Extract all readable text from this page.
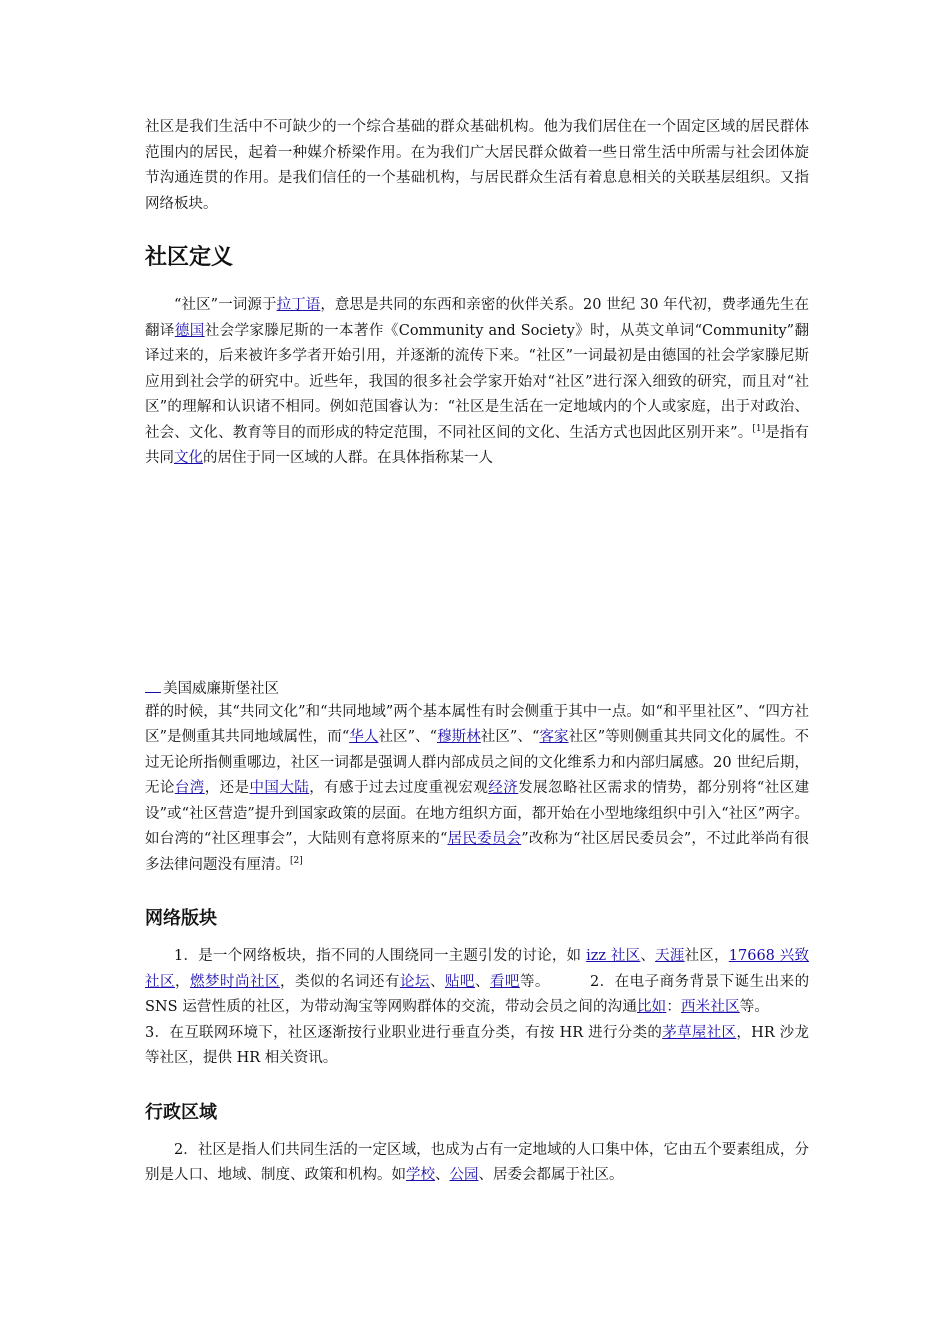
社区是我们生活中不可缺少的一个综合基础的群众基础机构。他为我们居住在一个固定区域的居民群体范围内的居民，起着一种媒介桥梁作用。在为我们广大居民群众做着一些日常生活中所需与社会团体旋节沟通连贯的作用。是我们信任的一个基础机构，与居民群众生活有着息息相关的关联基层组织。又指网络板块。

社区定义

“社区”一词源于拉丁语，意思是共同的东西和亲密的伙伴关系。20 世纪 30 年代初，费孝通先生在翻译德国社会学家滕尼斯的一本著作《Community and Society》时，从英文单词“Community”翻译过来的，后来被许多学者开始引用，并逐渐的流传下来。“社区”一词最初是由德国的社会学家滕尼斯应用到社会学的研究中。近些年，我国的很多社会学家开始对“社区”进行深入细致的研究，而且对“社区”的理解和认识诸不相同。例如范国睿认为：“社区是生活在一定地域内的个人或家庭，出于对政治、社会、文化、教育等目的而形成的特定范围，不同社区间的文化、生活方式也因此区别开来”。[1]是指有共同文化的居住于同一区域的人群。在具体指称某一人

美国威廉斯堡社区

群的时候，其“共同文化”和“共同地域”两个基本属性有时会侧重于其中一点。如“和平里社区”、“四方社区”是侧重其共同地域属性，而“华人社区”、“穆斯林社区”、“客家社区”等则侧重其共同文化的属性。不过无论所指侧重哪边，社区一词都是强调人群内部成员之间的文化维系力和内部归属感。20 世纪后期，无论台湾，还是中国大陆，有感于过去过度重视宏观经济发展忽略社区需求的情势，都分别将“社区建设”或“社区营造”提升到国家政策的层面。在地方组织方面，都开始在小型地缘组织中引入“社区”两字。如台湾的“社区理事会”，大陆则有意将原来的“居民委员会”改称为“社区居民委员会”，不过此举尚有很多法律问题没有厘清。[2]

网络版块

1．是一个网络板块，指不同的人围绕同一主题引发的讨论，如 izz 社区、天涯社区，17668 兴致社区，燃梦时尚社区，类似的名词还有论坛、贴吧、看吧等。	2．在电子商务背景下诞生出来的 SNS 运营性质的社区，为带动淘宝等网购群体的交流，带动会员之间的沟通比如：西米社区等。3．在互联网环境下，社区逐渐按行业职业进行垂直分类，有按 HR 进行分类的茅草屋社区，HR 沙龙等社区，提供 HR 相关资讯。

行政区域

2．社区是指人们共同生活的一定区域，也成为占有一定地域的人口集中体，它由五个要素组成，分别是人口、地域、制度、政策和机构。如学校、公园、居委会都属于社区。
